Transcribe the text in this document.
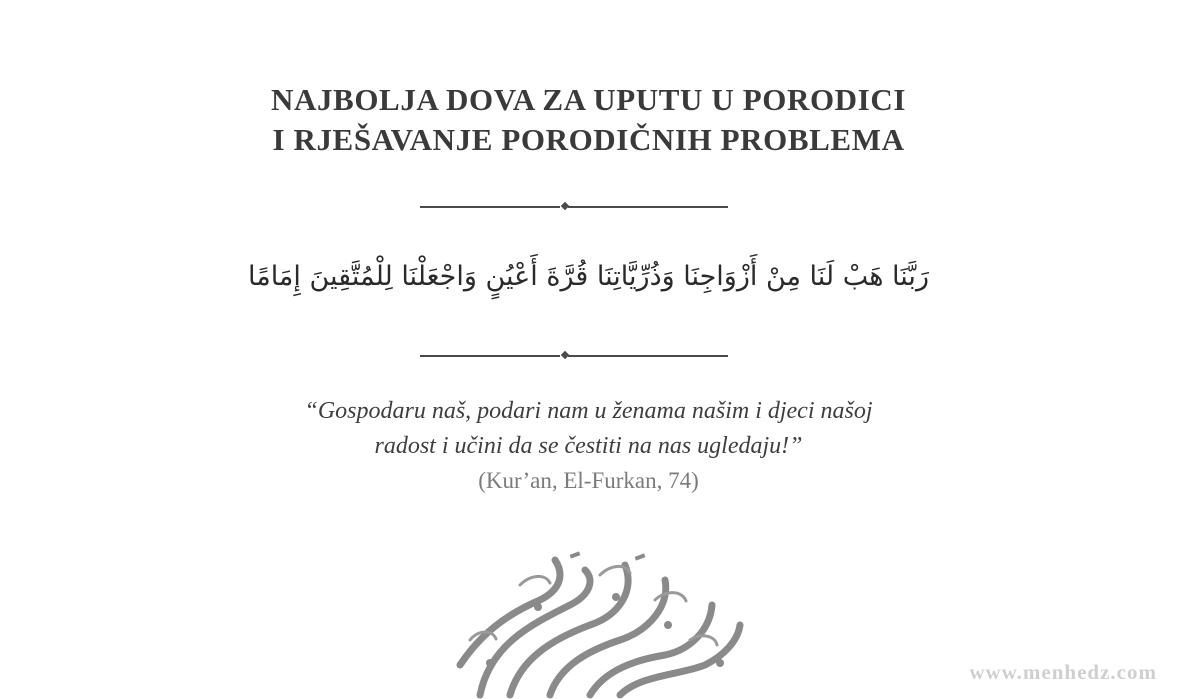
NAJBOLJA DOVA ZA UPUTU U PORODICI
I RJEŠAVANJE PORODIČNIH PROBLEMA
رَبَّنَا هَبْ لَنَا مِنْ أَزْوَاجِنَا وَذُرِّيَّاتِنَا قُرَّةَ أَعْيُنٍ وَاجْعَلْنَا لِلْمُتَّقِينَ إِمَامًا
“Gospodaru naš, podari nam u ženama našim i djeci našoj
radost i učini da se čestiti na nas ugledaju!”
(Kur’an, El-Furkan, 74)
www.menhedz.com
